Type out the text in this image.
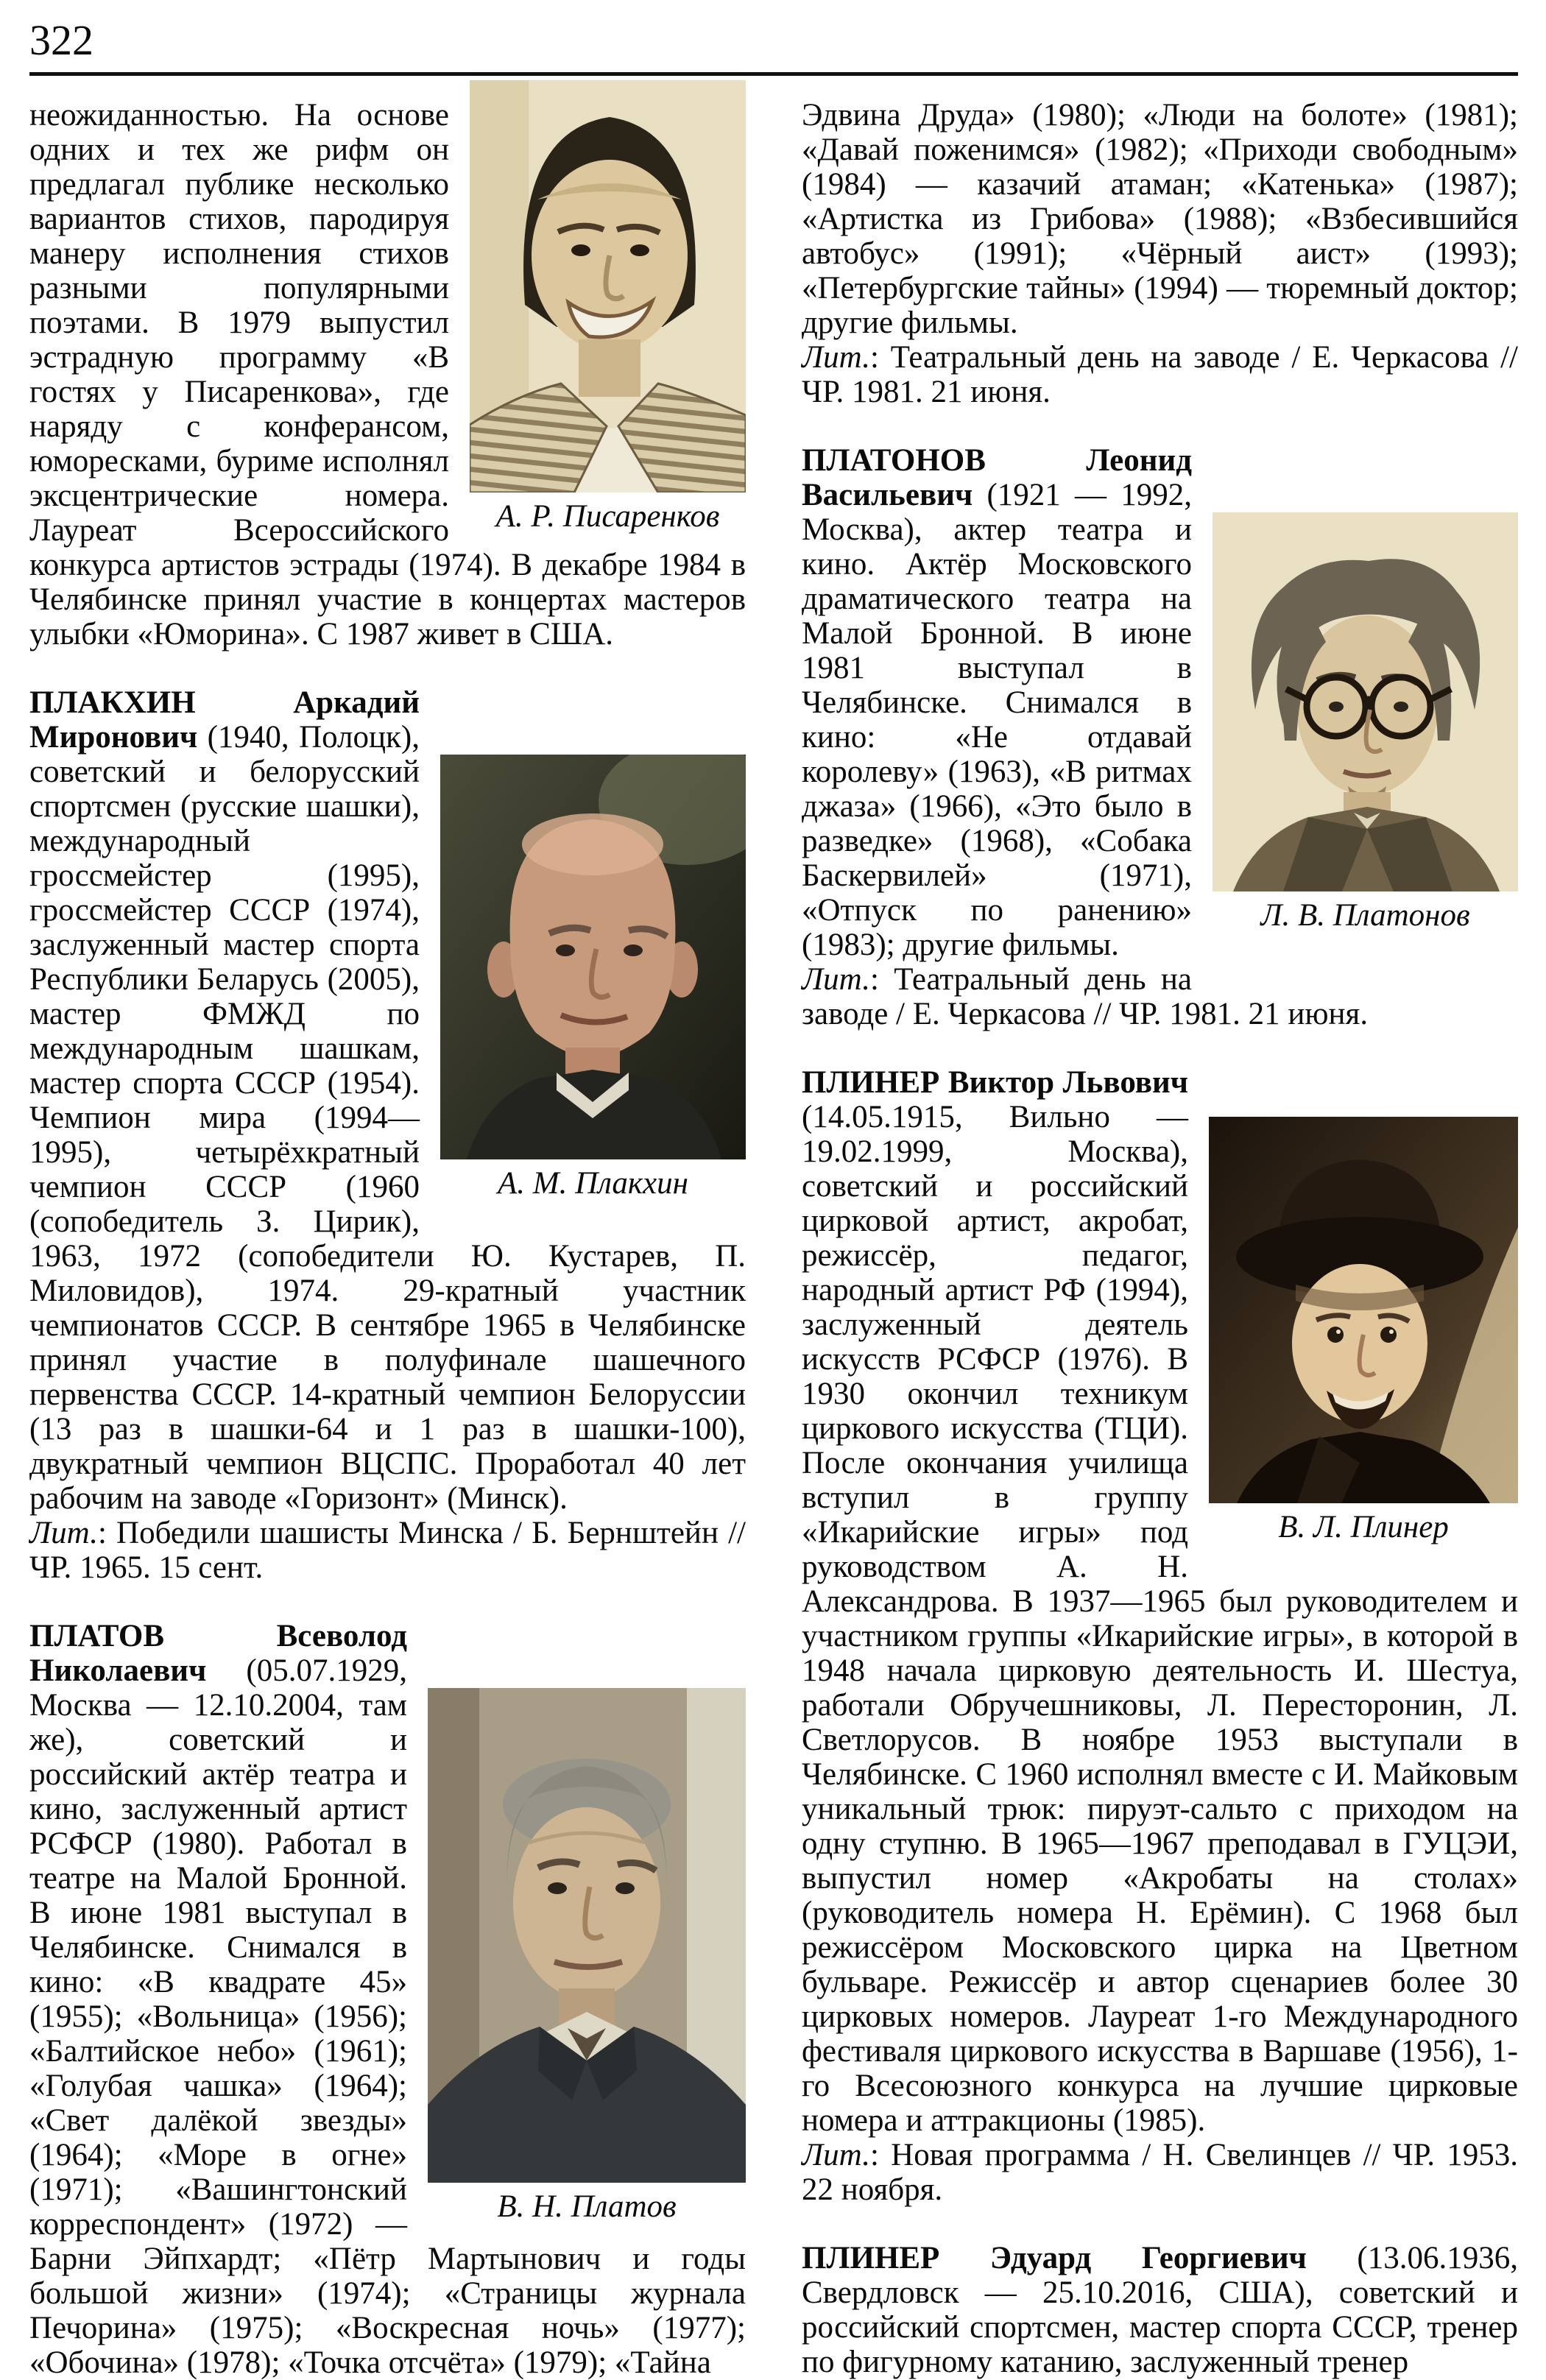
322
А. Р. Писаренков
неожиданностью. На основе одних и тех же рифм он предлагал публике несколько вариантов стихов, пародируя манеру исполнения стихов разными популярными поэтами. В 1979 выпустил эстрадную программу «В гостях у Писаренкова», где наряду с конферансом, юморесками, буриме исполнял эксцентрические номера. Лауреат Всероссийского конкурса артистов эстрады (1974). В декабре 1984 в Челябинске принял участие в концертах мастеров улыбки «Юморина». С 1987 живет в США.
А. М. Плакхин
ПЛАКХИН Аркадий Миронович (1940, Полоцк), советский и белорусский спортсмен (русские шашки), международный гроссмейстер (1995), гроссмейстер СССР (1974), заслуженный мастер спорта Республики Беларусь (2005), мастер ФМЖД по международным шашкам, мастер спорта СССР (1954). Чемпион мира (1994—1995), четырёхкратный чемпион СССР (1960 (сопобедитель З. Цирик), 1963, 1972 (сопобедители Ю. Кустарев, П. Миловидов), 1974. 29-кратный участник чемпионатов СССР. В сентябре 1965 в Челябинске принял участие в полуфинале шашечного первенства СССР. 14-кратный чемпион Белоруссии (13 раз в шашки-64 и 1 раз в шашки-100), двукратный чемпион ВЦСПС. Проработал 40 лет рабочим на заводе «Горизонт» (Минск).
Лит.: Победили шашисты Минска / Б. Бернштейн // ЧР. 1965. 15 сент.
В. Н. Платов
ПЛАТОВ Всеволод Николаевич (05.07.1929, Москва — 12.10.2004, там же), советский и российский актёр театра и кино, заслуженный артист РСФСР (1980). Работал в театре на Малой Бронной. В июне 1981 выступал в Челябинске. Снимался в кино: «В квадрате 45» (1955); «Вольница» (1956); «Балтийское небо» (1961); «Голубая чашка» (1964); «Свет далёкой звезды» (1964); «Море в огне» (1971); «Вашингтонский корреспондент» (1972) — Барни Эйпхардт; «Пётр Мартынович и годы большой жизни» (1974); «Страницы журнала Печорина» (1975); «Воскресная ночь» (1977); «Обочина» (1978); «Точка отсчёта» (1979); «Тайна
Эдвина Друда» (1980); «Люди на болоте» (1981); «Давай поженимся» (1982); «Приходи свободным» (1984) — казачий атаман; «Катенька» (1987); «Артистка из Грибова» (1988); «Взбесившийся автобус» (1991); «Чёрный аист» (1993); «Петербургские тайны» (1994) — тюремный доктор; другие фильмы.
Лит.: Театральный день на заводе / Е. Черкасова // ЧР. 1981. 21 июня.
Л. В. Платонов
ПЛАТОНОВ Леонид Васильевич (1921 — 1992, Москва), актер театра и кино. Актёр Московского драматического театра на Малой Бронной. В июне 1981 выступал в Челябинске. Снимался в кино: «Не отдавай королеву» (1963), «В ритмах джаза» (1966), «Это было в разведке» (1968), «Собака Баскервилей» (1971), «Отпуск по ранению» (1983); другие фильмы.
Лит.: Театральный день на заводе / Е. Черкасова // ЧР. 1981. 21 июня.
В. Л. Плинер
ПЛИНЕР Виктор Львович (14.05.1915, Вильно — 19.02.1999, Москва), советский и российский цирковой артист, акробат, режиссёр, педагог, народный артист РФ (1994), заслуженный деятель искусств РСФСР (1976). В 1930 окончил техникум циркового искусства (ТЦИ). После окончания училища вступил в группу «Икарийские игры» под руководством А. Н. Александрова. В 1937—1965 был руководителем и участником группы «Икарийские игры», в которой в 1948 начала цирковую деятельность И. Шестуа, работали Обручешниковы, Л. Пересторонин, Л. Светлорусов. В ноябре 1953 выступали в Челябинске. С 1960 исполнял вместе с И. Майковым уникальный трюк: пируэт-сальто с приходом на одну ступню. В 1965—1967 преподавал в ГУЦЭИ, выпустил номер «Акробаты на столах» (руководитель номера Н. Ерёмин). С 1968 был режиссёром Московского цирка на Цветном бульваре. Режиссёр и автор сценариев более 30 цирковых номеров. Лауреат 1-го Международного фестиваля циркового искусства в Варшаве (1956), 1-го Всесоюзного конкурса на лучшие цирковые номера и аттракционы (1985).
Лит.: Новая программа / Н. Свелинцев // ЧР. 1953. 22 ноября.
ПЛИНЕР Эдуард Георгиевич (13.06.1936, Свердловск — 25.10.2016, США), советский и российский спортсмен, мастер спорта СССР, тренер по фигурному катанию, заслуженный тренер
